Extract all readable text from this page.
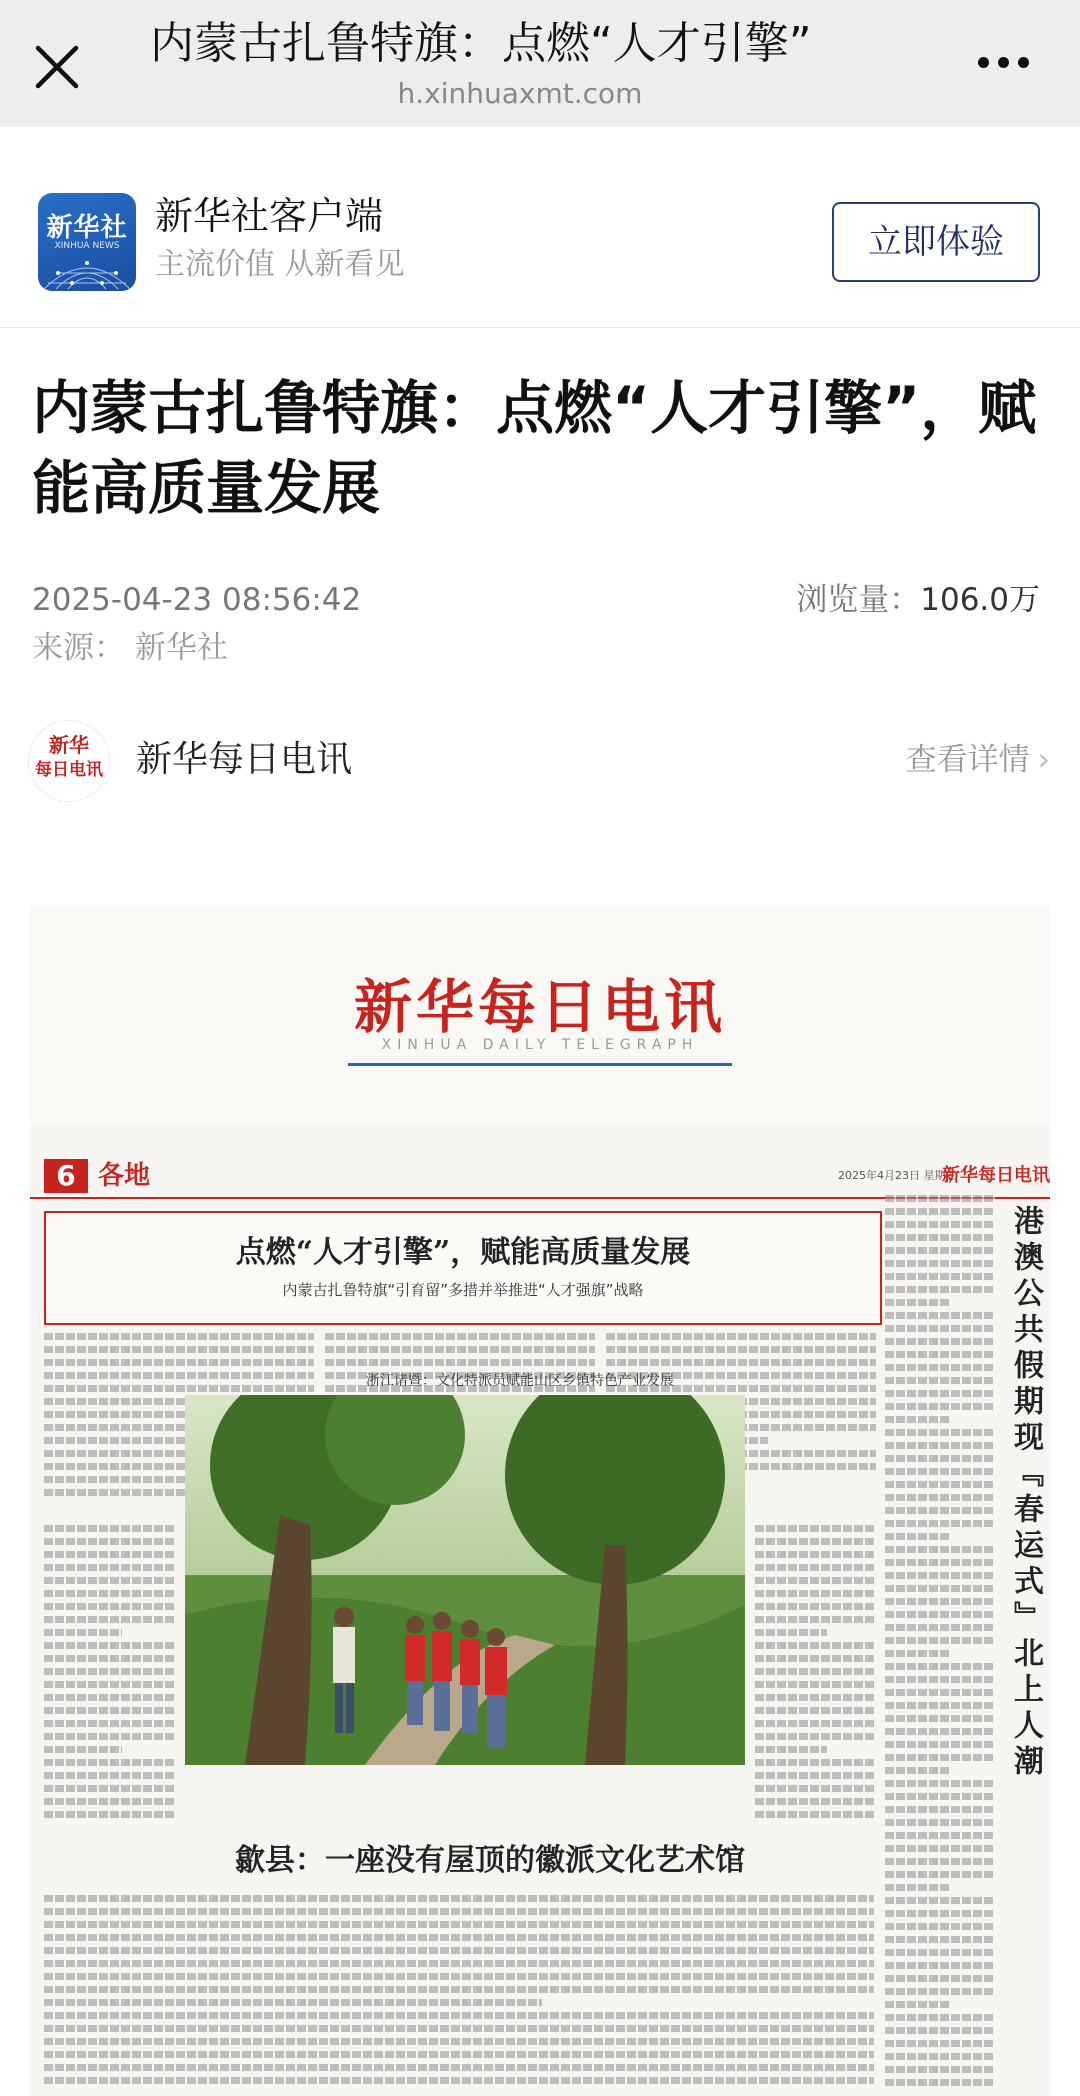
内蒙古扎鲁特旗：点燃“人才引擎”
h.xinhuaxmt.com
新华社
XINHUA NEWS
新华社客户端
主流价值 从新看见
立即体验
内蒙古扎鲁特旗：点燃“人才引擎”，赋能高质量发展
2025-04-23 08:56:42	浏览量：106.0万
来源： 新华社
新华
每日电讯 新华每日电讯	查看详情 ›
新华每日电讯
XINHUA DAILY TELEGRAPH
6 各地	2025年4月23日 星期三
新华每日电讯
点燃“人才引擎”，赋能高质量发展
内蒙古扎鲁特旗“引育留”多措并举推进“人才强旗”战略	港澳公共假期现『春运式』北上人潮
浙江诸暨：文化特派员赋能山区乡镇特色产业发展
歙县：一座没有屋顶的徽派文化艺术馆
